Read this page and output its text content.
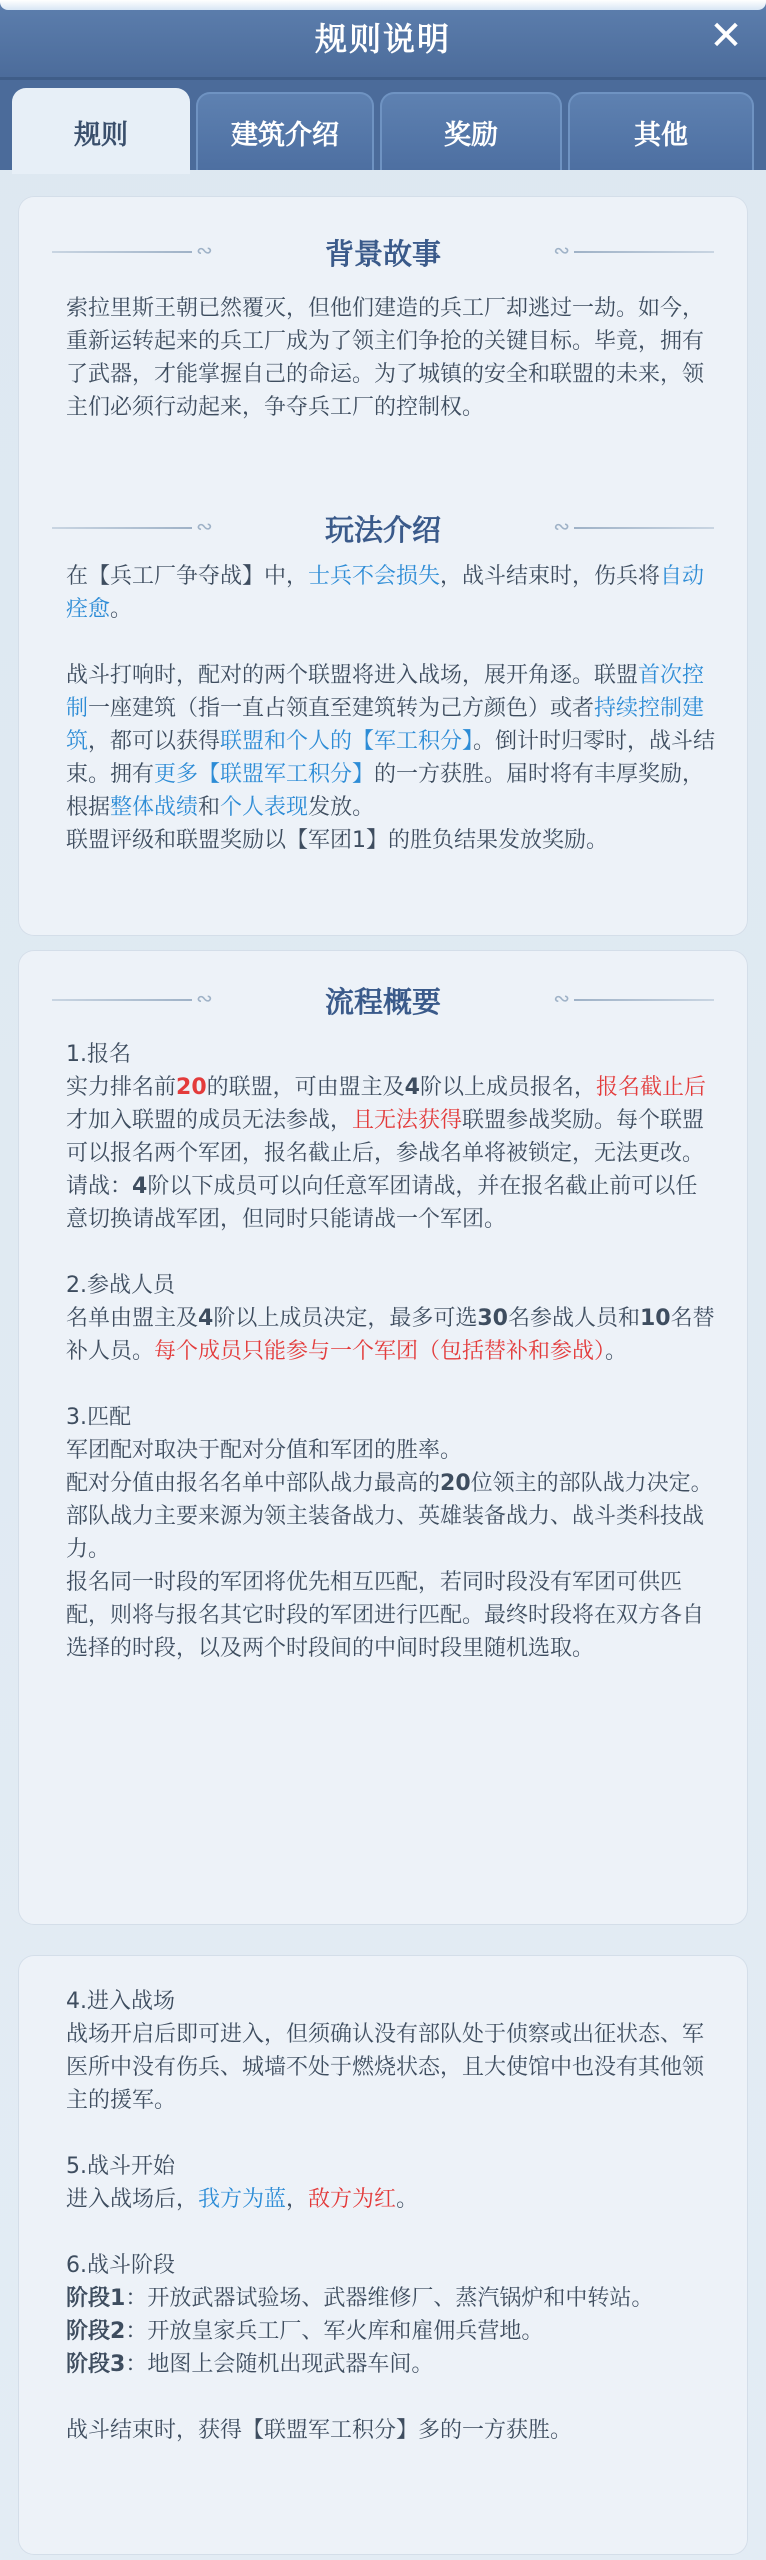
规则说明	✕
规则	建筑介绍	奖励	其他
∾	背景故事	∾
索拉里斯王朝已然覆灭，但他们建造的兵工厂却逃过一劫。如今，重新运转起来的兵工厂成为了领主们争抢的关键目标。毕竟，拥有了武器，才能掌握自己的命运。为了城镇的安全和联盟的未来，领主们必须行动起来，争夺兵工厂的控制权。
∾	玩法介绍	∾

在【兵工厂争夺战】中，士兵不会损失，战斗结束时，伤兵将自动痊愈。

战斗打响时，配对的两个联盟将进入战场，展开角逐。联盟首次控制一座建筑（指一直占领直至建筑转为己方颜色）或者持续控制建筑，都可以获得联盟和个人的【军工积分】。倒计时归零时，战斗结束。拥有更多【联盟军工积分】的一方获胜。届时将有丰厚奖励，根据整体战绩和个人表现发放。

联盟评级和联盟奖励以【军团1】的胜负结果发放奖励。

∾	流程概要	∾

1.报名

实力排名前20的联盟，可由盟主及4阶以上成员报名，报名截止后才加入联盟的成员无法参战，且无法获得联盟参战奖励。每个联盟可以报名两个军团，报名截止后，参战名单将被锁定，无法更改。

请战：4阶以下成员可以向任意军团请战，并在报名截止前可以任意切换请战军团，但同时只能请战一个军团。

2.参战人员

名单由盟主及4阶以上成员决定，最多可选30名参战人员和10名替补人员。每个成员只能参与一个军团（包括替补和参战）。

3.匹配

军团配对取决于配对分值和军团的胜率。

配对分值由报名名单中部队战力最高的20位领主的部队战力决定。

部队战力主要来源为领主装备战力、英雄装备战力、战斗类科技战力。

报名同一时段的军团将优先相互匹配，若同时段没有军团可供匹配，则将与报名其它时段的军团进行匹配。最终时段将在双方各自选择的时段，以及两个时段间的中间时段里随机选取。

4.进入战场

战场开启后即可进入，但须确认没有部队处于侦察或出征状态、军医所中没有伤兵、城墙不处于燃烧状态，且大使馆中也没有其他领主的援军。

5.战斗开始

进入战场后，我方为蓝，敌方为红。

6.战斗阶段

阶段1：开放武器试验场、武器维修厂、蒸汽锅炉和中转站。

阶段2：开放皇家兵工厂、军火库和雇佣兵营地。

阶段3：地图上会随机出现武器车间。

战斗结束时，获得【联盟军工积分】多的一方获胜。
